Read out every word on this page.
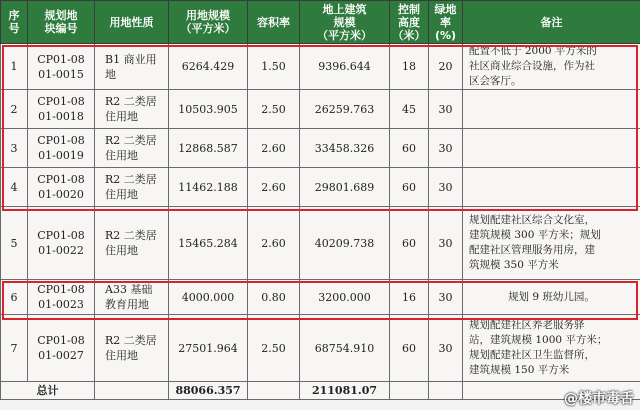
序
号	规划地
块编号	用地性质	用地规模
（平方米）	容积率	地上建筑
规模
（平方米）	控制
高度
（米）	绿地
率(%)	备注
1	CP01-08
01-0015	B1 商业用
地	6264.429	1.50	9396.644	18	20	配置不低于 2000 平方米的
社区商业综合设施，作为社
区会客厅。
2	CP01-08
01-0018	R2 二类居
住用地	10503.905	2.50	26259.763	45	30	
3	CP01-08
01-0019	R2 二类居
住用地	12868.587	2.60	33458.326	60	30	
4	CP01-08
01-0020	R2 二类居
住用地	11462.188	2.60	29801.689	60	30	
5	CP01-08
01-0022	R2 二类居
住用地	15465.284	2.60	40209.738	60	30	规划配建社区综合文化室，
建筑规模 300 平方米；规划
配建社区管理服务用房，建
筑规模 350 平方米
6	CP01-08
01-0023	A33 基础
教育用地	4000.000	0.80	3200.000	16	30	规划 9 班幼儿园。
7	CP01-08
01-0027	R2 二类居
住用地	27501.964	2.50	68754.910	60	30	规划配建社区养老服务驿
站，建筑规模 1000 平方米；
规划配建社区卫生监督所，
建筑规模 150 平方米
总计			88066.357		211081.07			
@楼市毒舌
